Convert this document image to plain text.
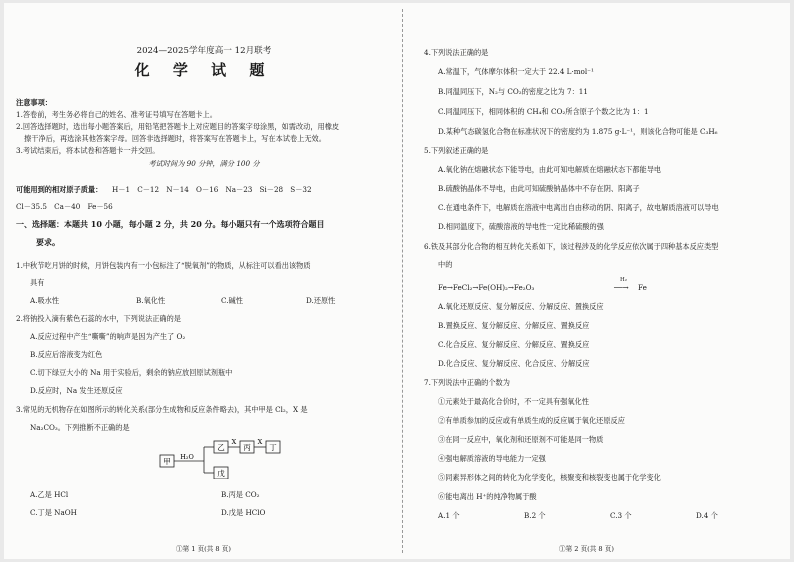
2024—2025学年度高一 12月联考

化 学 试 题

注意事项：

1.答卷前，考生务必将自己的姓名、准考证号填写在答题卡上。

2.回答选择题时，选出每小题答案后，用铅笔把答题卡上对应题目的答案字母涂黑，如需改动，用橡皮

擦干净后，再选涂其他答案字母。回答非选择题时，将答案写在答题卡上，写在本试卷上无效。

3.考试结束后，将本试卷和答题卡一并交回。

考试时间为 90 分钟，满分 100 分

可能用到的相对原子质量： H－1　C－12　N－14　O－16　Na－23　Si－28　S－32

Cl－35.5　Ca－40　Fe－56

一、选择题：本题共 10 小题，每小题 2 分，共 20 分。每小题只有一个选项符合题目

要求。

1.中秋节吃月饼的时候，月饼包装内有一小包标注了“脱氧剂”的物质，从标注可以看出该物质

具有

A.吸水性	B.氧化性	C.碱性	D.还原性

2.将钠投入滴有紫色石蕊的水中，下列说法正确的是

A.反应过程中产生“嘶嘶”的响声是因为产生了 O₂

B.反应后溶液变为红色

C.切下绿豆大小的 Na 用于实验后，剩余的钠应放回原试剂瓶中

D.反应时，Na 发生还原反应

3.常见的无机物存在如图所示的转化关系(部分生成物和反应条件略去)，其中甲是 Cl₂，X 是

Na₂CO₃。下列推断不正确的是

甲 H₂O
乙
X
丙
X
丁
戊
A.乙是 HCl	B.丙是 CO₂
C.丁是 NaOH	D.戊是 HClO

①第 1 页(共 8 页)

4.下列说法正确的是

A.常温下，气体摩尔体积一定大于 22.4 L·mol⁻¹

B.同温同压下，N₂与 CO₂的密度之比为 7：11

C.同温同压下，相同体积的 CH₄和 CO₂所含原子个数之比为 1：1

D.某种气态碳氢化合物在标准状况下的密度约为 1.875 g·L⁻¹，则该化合物可能是 C₃H₆

5.下列叙述正确的是

A.氧化钠在熔融状态下能导电，由此可知电解质在熔融状态下都能导电

B.硫酸钠晶体不导电，由此可知硫酸钠晶体中不存在阴、阳离子

C.在通电条件下，电解质在溶液中电离出自由移动的阴、阳离子，故电解质溶液可以导电

D.相同温度下，硫酸溶液的导电性一定比稀硫酸的强

6.铁及其部分化合物的相互转化关系如下，该过程涉及的化学反应依次属于四种基本反应类型

中的

Fe→FeCl₂→Fe(OH)₂→Fe₂O₃
H₂
──→ Fe

A.氧化还原反应、复分解反应、分解反应、置换反应

B.置换反应、复分解反应、分解反应、置换反应

C.化合反应、复分解反应、分解反应、置换反应

D.化合反应、复分解反应、化合反应、分解反应

7.下列说法中正确的个数为

①元素处于最高化合价时，不一定具有强氧化性

②有单质参加的反应或有单质生成的反应属于氧化还原反应

③在同一反应中，氧化剂和还原剂不可能是同一物质

④强电解质溶液的导电能力一定强

⑤同素异形体之间的转化为化学变化，核聚变和核裂变也属于化学变化

⑥能电离出 H⁺的纯净物属于酸

A.1 个	B.2 个	C.3 个	D.4 个

①第 2 页(共 8 页)
